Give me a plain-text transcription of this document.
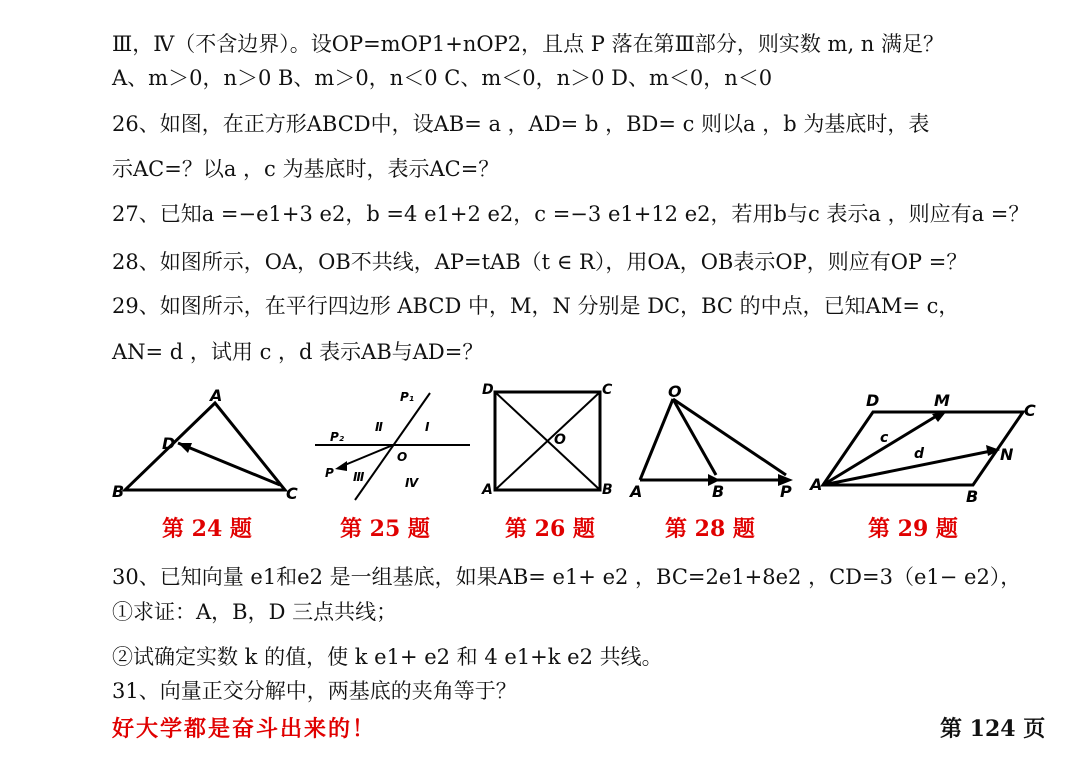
Ⅲ，Ⅳ（不含边界）。设OP=mOP1+nOP2，且点 P 落在第Ⅲ部分，则实数 m, n 满足？
A、m＞0，n＞0 B、m＞0，n＜0 C、m＜0，n＞0 D、m＜0，n＜0
26、如图，在正方形ABCD中，设AB= a ，AD= b ，BD= c 则以a ，b 为基底时，表
示AC=？以a ，c 为基底时，表示AC=？
27、已知a =−e1+3 e2，b =4 e1+2 e2，c =−3 e1+12 e2，若用b与c 表示a ，则应有a =？
28、如图所示，OA，OB不共线，AP=tAB（t ∈ R），用OA，OB表示OP，则应有OP =？
29、如图所示，在平行四边形 ABCD 中，M，N 分别是 DC，BC 的中点，已知AM= c，
AN= d ，试用 c ，d 表示AB与AD=？
A
D
B	C
P₁
Ⅱ	Ⅰ
P₂
O
P Ⅲ	Ⅳ
D	C
O
A	B
O
A	B	P
D	M
C
c
d	N
A
B
第 24 题	第 25 题	第 26 题	第 28 题	第 29 题
30、已知向量 e1和e2 是一组基底，如果AB= e1+ e2 ，BC=2e1+8e2 ，CD=3（e1− e2），
①求证：A，B，D 三点共线；
②试确定实数 k 的值，使 k e1+ e2 和 4 e1+k e2 共线。
31、向量正交分解中，两基底的夹角等于？
好大学都是奋斗出来的！	第 124 页
